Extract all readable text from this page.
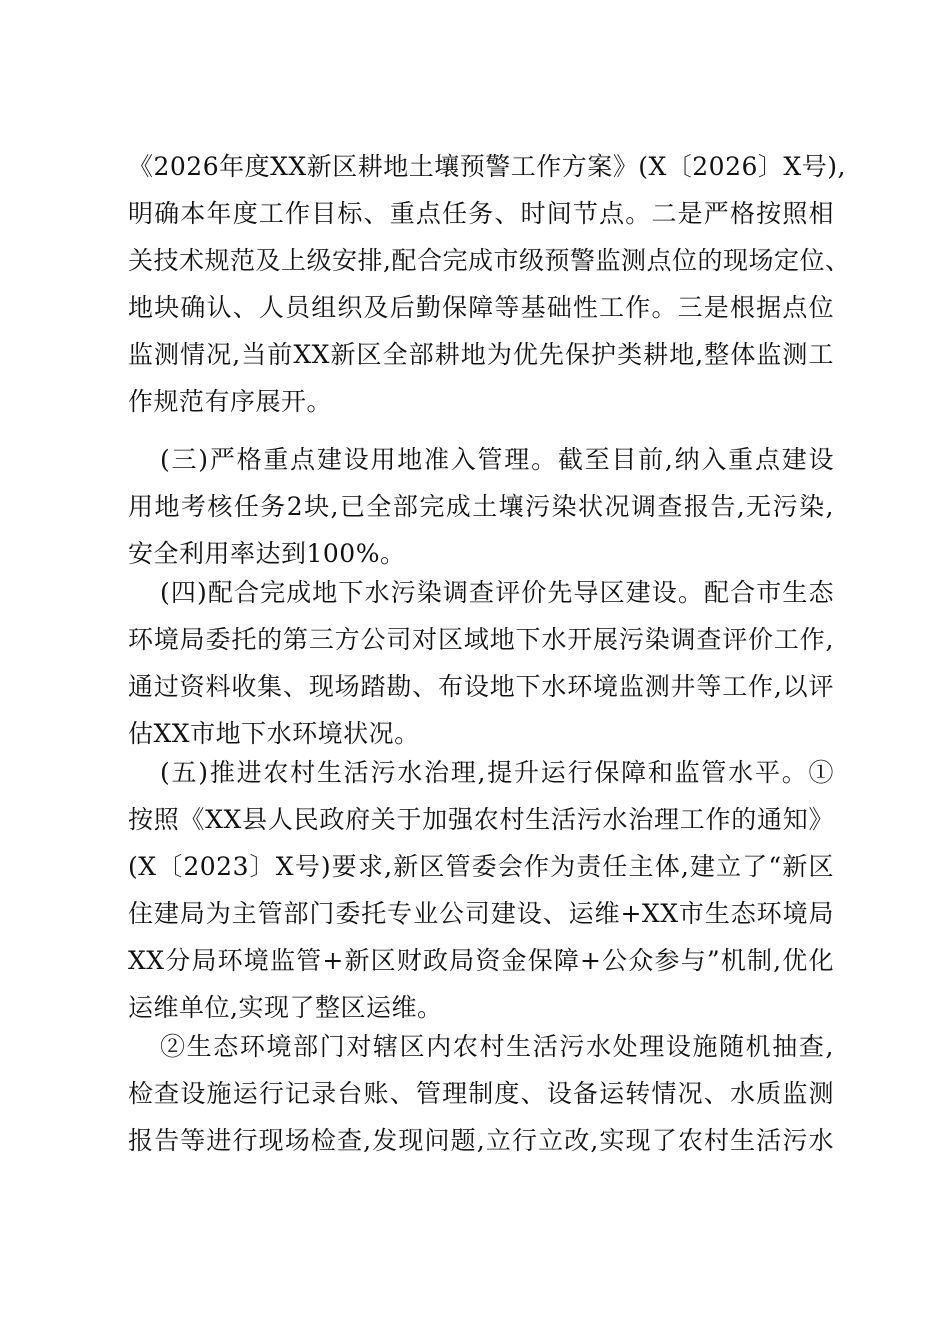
《2026年度XX新区耕地土壤预警工作方案》(X〔2026〕X号),
明确本年度工作目标、重点任务、时间节点。二是严格按照相
关技术规范及上级安排,配合完成市级预警监测点位的现场定位、
地块确认、人员组织及后勤保障等基础性工作。三是根据点位
监测情况,当前XX新区全部耕地为优先保护类耕地,整体监测工
作规范有序展开。
(三)严格重点建设用地准入管理。截至目前,纳入重点建设
用地考核任务2块,已全部完成土壤污染状况调查报告,无污染,
安全利用率达到100%。
(四)配合完成地下水污染调查评价先导区建设。配合市生态
环境局委托的第三方公司对区域地下水开展污染调查评价工作,
通过资料收集、现场踏勘、布设地下水环境监测井等工作,以评
估XX市地下水环境状况。
(五)推进农村生活污水治理,提升运行保障和监管水平。①
按照《XX县人民政府关于加强农村生活污水治理工作的通知》
(X〔2023〕X号)要求,新区管委会作为责任主体,建立了“新区
住建局为主管部门委托专业公司建设、运维+XX市生态环境局
XX分局环境监管+新区财政局资金保障+公众参与”机制,优化
运维单位,实现了整区运维。
②生态环境部门对辖区内农村生活污水处理设施随机抽查,
检查设施运行记录台账、管理制度、设备运转情况、水质监测
报告等进行现场检查,发现问题,立行立改,实现了农村生活污水
